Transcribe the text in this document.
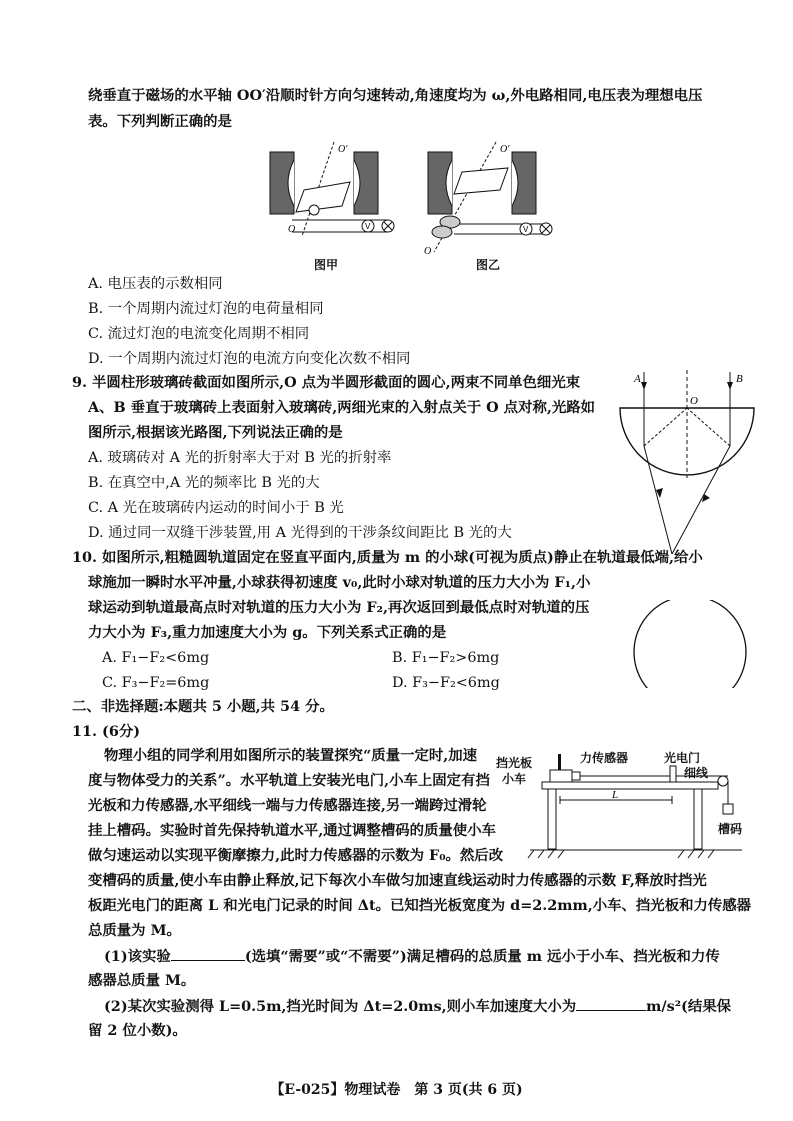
绕垂直于磁场的水平轴 OO′沿顺时针方向匀速转动,角速度均为 ω,外电路相同,电压表为理想电压
表。下列判断正确的是
V
O′
O
图甲
V
O′
O
图乙
A. 电压表的示数相同
B. 一个周期内流过灯泡的电荷量相同
C. 流过灯泡的电流变化周期不相同
D. 一个周期内流过灯泡的电流方向变化次数不相同
9. 半圆柱形玻璃砖截面如图所示,O 点为半圆形截面的圆心,两束不同单色细光束
A、B 垂直于玻璃砖上表面射入玻璃砖,两细光束的入射点关于 O 点对称,光路如
图所示,根据该光路图,下列说法正确的是
A. 玻璃砖对 A 光的折射率大于对 B 光的折射率
B. 在真空中,A 光的频率比 B 光的大
C. A 光在玻璃砖内运动的时间小于 B 光
D. 通过同一双缝干涉装置,用 A 光得到的干涉条纹间距比 B 光的大
A	B
O
10. 如图所示,粗糙圆轨道固定在竖直平面内,质量为 m 的小球(可视为质点)静止在轨道最低端,给小
球施加一瞬时水平冲量,小球获得初速度 v₀,此时小球对轨道的压力大小为 F₁,小
球运动到轨道最高点时对轨道的压力大小为 F₂,再次返回到最低点时对轨道的压
力大小为 F₃,重力加速度大小为 g。下列关系式正确的是
A. F₁−F₂<6mg	B. F₁−F₂>6mg
C. F₃−F₂=6mg	D. F₃−F₂<6mg
二、非选择题:本题共 5 小题,共 54 分。
11. (6分)
物理小组的同学利用如图所示的装置探究“质量一定时,加速
度与物体受力的关系”。水平轨道上安装光电门,小车上固定有挡
光板和力传感器,水平细线一端与力传感器连接,另一端跨过滑轮
挂上槽码。实验时首先保持轨道水平,通过调整槽码的质量使小车
做匀速运动以实现平衡摩擦力,此时力传感器的示数为 F₀。然后改
变槽码的质量,使小车由静止释放,记下每次小车做匀加速直线运动时力传感器的示数 F,释放时挡光
板距光电门的距离 L 和光电门记录的时间 Δt。已知挡光板宽度为 d=2.2mm,小车、挡光板和力传感器
总质量为 M。
(1)该实验	(选填“需要”或“不需要”)满足槽码的总质量 m 远小于小车、挡光板和力传
感器总质量 M。
(2)某次实验测得 L=0.5m,挡光时间为 Δt=2.0ms,则小车加速度大小为	m/s²(结果保
留 2 位小数)。
L
挡光板
小车
力传感器	光电门
细线
槽码
【E-025】物理试卷　第 3 页(共 6 页)
